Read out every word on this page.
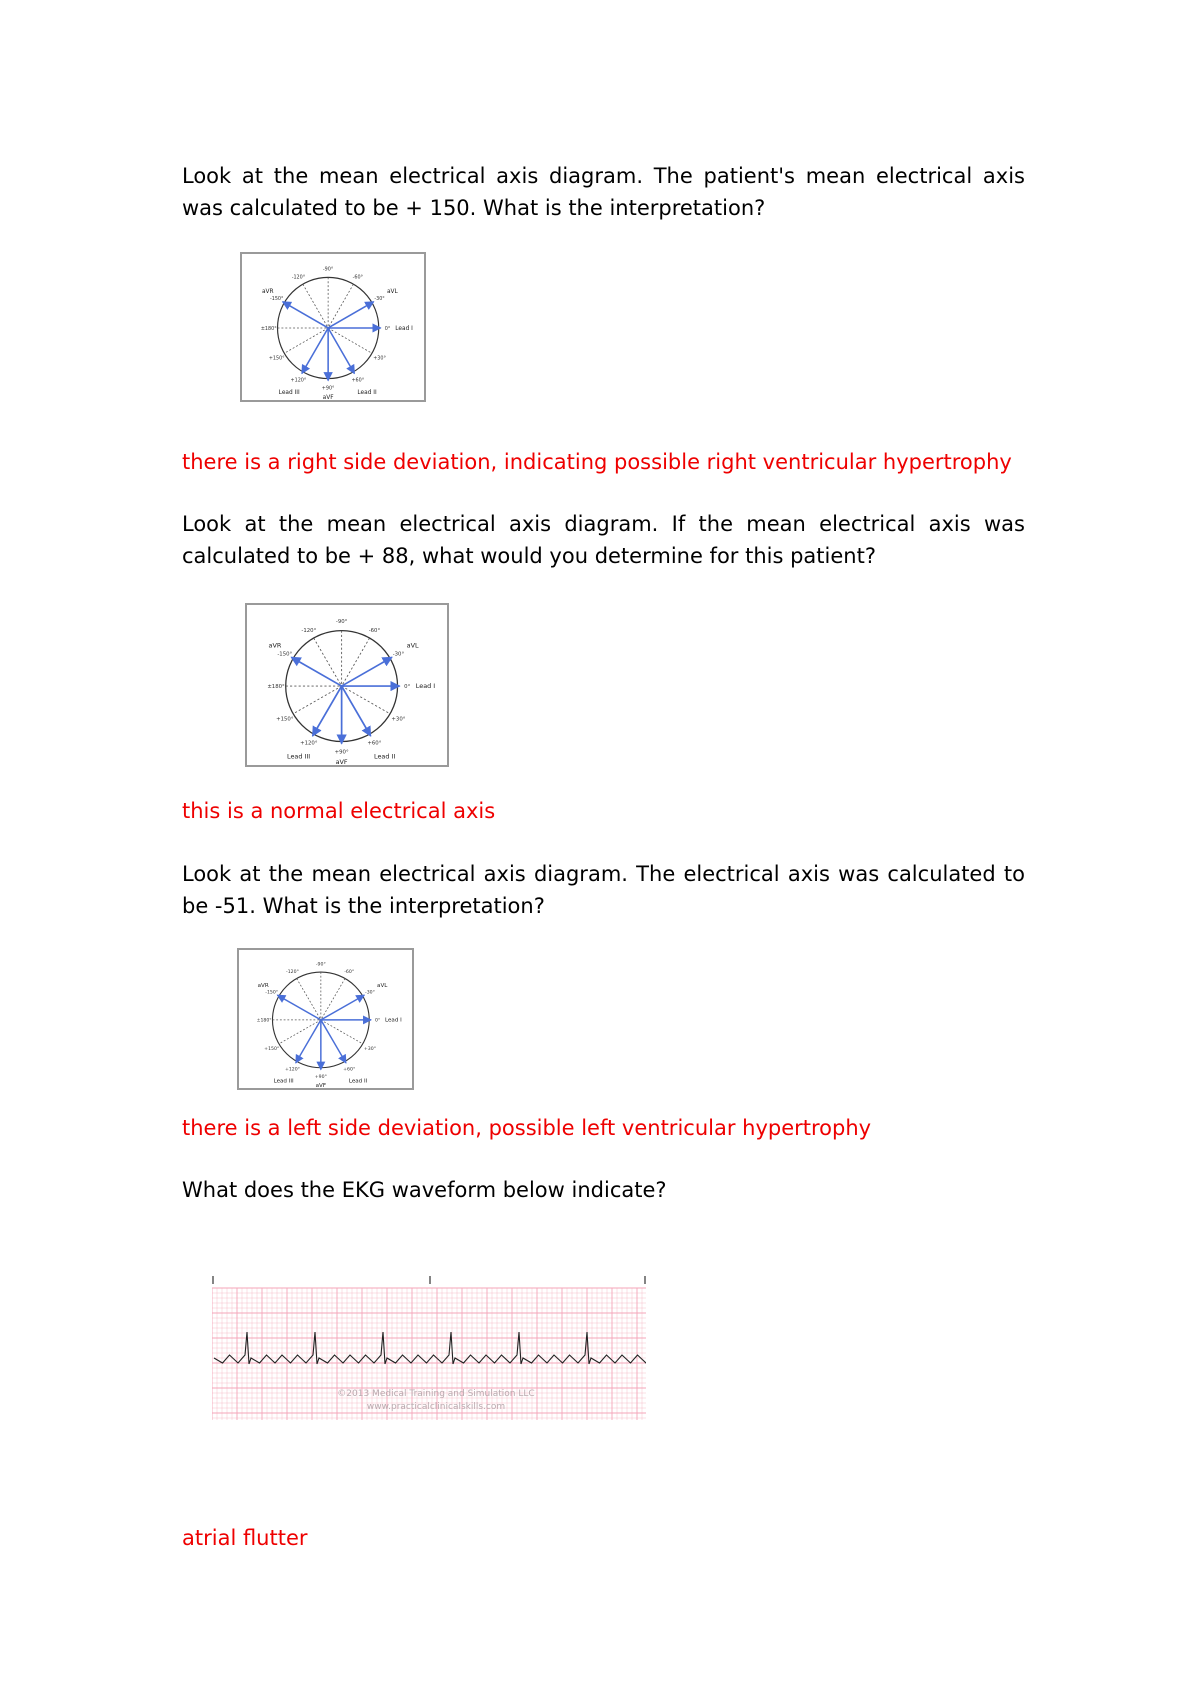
Look at the mean electrical axis diagram. The patient's mean electrical axis was calculated to be + 150. What is the interpretation?

-90°
-60°
-30°
0°
+30°
+60°
+90°
+120°
+150°
±180°
-150°
-120°
Lead I
Lead II
Lead III
aVF
aVL
aVR

there is a right side deviation, indicating possible right ventricular hypertrophy

Look at the mean electrical axis diagram. If the mean electrical axis was calculated to be + 88, what would you determine for this patient?

-90°
-60°
-30°
0°
+30°
+60°
+90°
+120°
+150°
±180°
-150°
-120°
Lead I
Lead II
Lead III
aVF
aVL
aVR

this is a normal electrical axis

Look at the mean electrical axis diagram. The electrical axis was calculated to be -51. What is the interpretation?

-90°
-60°
-30°
0°
+30°
+60°
+90°
+120°
+150°
±180°
-150°
-120°
Lead I
Lead II
Lead III
aVF
aVL
aVR

there is a left side deviation, possible left ventricular hypertrophy

What does the EKG waveform below indicate?

©2013 Medical Training and Simulation LLC
www.practicalclinicalskills.com

atrial flutter
